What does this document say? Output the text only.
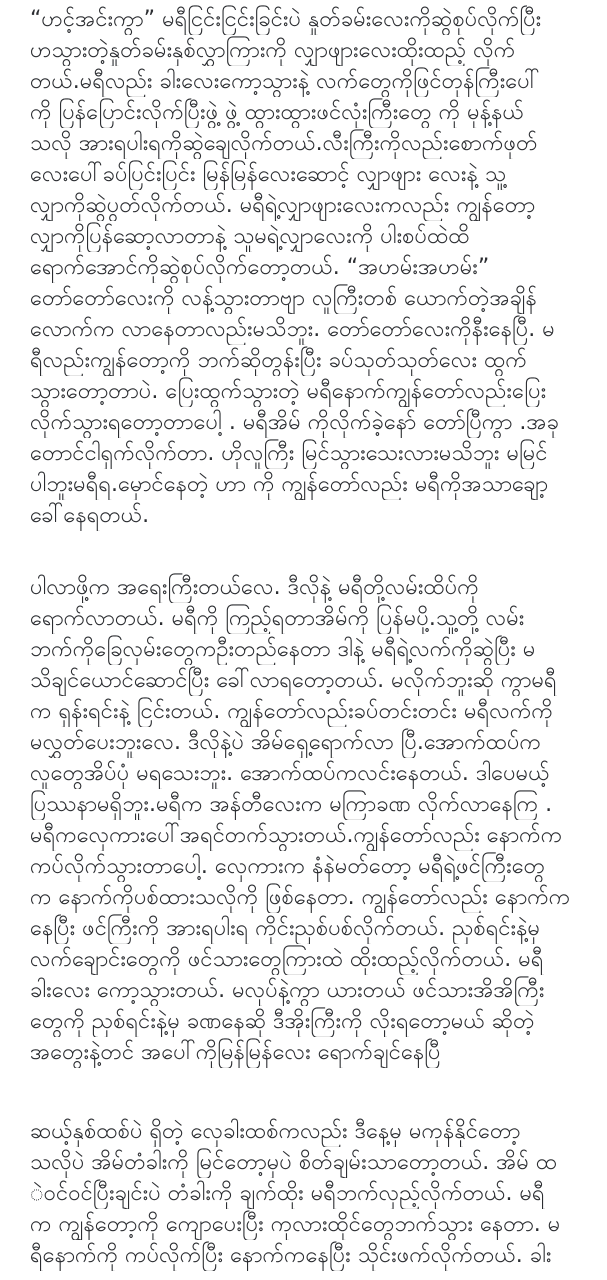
“ဟင့်အင်းကွာ” မရီငြင်းငြင်းခြင်းပဲ နှုတ်ခမ်းလေးကိုဆွဲစုပ်လိုက်ပြီး
ဟသွားတဲ့နှုတ်ခမ်းနှစ်လွှာကြားကို လျှာဖျားလေးထိုးထည့် လိုက်
တယ်.မရီလည်း ခါးလေးကော့သွားနဲ့ လက်တွေကိုဖြင်တုန်ကြီးပေါ်
ကို ပြန်ပြောင်းလိုက်ပြီးဖွဲ့ ဖွဲ့ ထွားထွားဖင်လုံးကြီးတွေ ကို မုန့်နယ်
သလို အားရပါးရကိုဆွဲချေလိုက်တယ်.လီးကြီးကိုလည်းစောက်ဖုတ်
လေးပေါ်ခပ်ပြင်းပြင်း မြန်မြန်လေးဆောင့် လျှာဖျား လေးနဲ့ သူ့
လျှာကိုဆွဲပွတ်လိုက်တယ်. မရီရဲ့လျှာဖျားလေးကလည်း ကျွန်တော့
လျှာကိုပြန်ဆော့လာတာနဲ့ သူမရဲ့လျှာလေးကို ပါးစပ်ထဲထိ
ရောက်အောင်ကိုဆွဲစုပ်လိုက်တော့တယ်. “အဟမ်းအဟမ်း”
တော်တော်လေးကို လန့်သွားတာဗျာ လူကြီးတစ် ယောက်တဲ့အချိန်
လောက်က လာနေတာလည်းမသိဘူး. တော်တော်လေးကိုနီးနေပြီ. မ
ရီလည်းကျွန်တော့ကို ဘက်ဆိုတွန်းပြီး ခပ်သုတ်သုတ်လေး ထွက်
သွားတော့တာပဲ. ပြေးထွက်သွားတဲ့ မရီနောက်ကျွန်တော်လည်းပြေး
လိုက်သွားရတော့တာပေါ့ . မရီအိမ် ကိုလိုက်ခဲ့နော် တော်ပြီကွာ .အခု
တောင်ငါရှက်လိုက်တာ. ဟိုလူကြီး မြင်သွားသေးလားမသိဘူး မမြင်
ပါဘူးမရီရ.မှောင်နေတဲ့ ဟာ ကို ကျွန်တော်လည်း မရီကိုအသာချော့
ခေါ်နေရတယ်.
ပါလာဖို့က အရေးကြီးတယ်လေ. ဒီလိုနဲ့ မရီတို့လမ်းထိပ်ကို
ရောက်လာတယ်. မရီကို ကြည့်ရတာအိမ်ကို ပြန်မပို့.သူ့တို့ လမ်း
ဘက်ကိုခြေလှမ်းတွေကဦးတည်နေတာ ဒါနဲ့ မရီရဲ့လက်ကိုဆွဲပြီး မ
သိချင်ယောင်ဆောင်ပြီး ခေါ်လာရတော့တယ်. မလိုက်ဘူးဆို ကွာမရီ
က ရှန်းရင်းနဲ့ ငြင်းတယ်. ကျွန်တော်လည်းခပ်တင်းတင်း မရီလက်ကို
မလွှတ်ပေးဘူးလေ. ဒီလိုနဲ့ပဲ အိမ်ရှေ့ရောက်လာ ပြီ.အောက်ထပ်က
လူတွေအိပ်ပုံ မရသေးဘူး. အောက်ထပ်ကလင်းနေတယ်. ဒါပေမယ့်
ပြဿနာမရှိဘူး.မရီက အန်တီလေးက မကြာခဏ လိုက်လာနေကြ .
မရီကလှေကားပေါ်အရင်တက်သွားတယ်.ကျွန်တော်လည်း နောက်က
ကပ်လိုက်သွားတာပေါ့. လှေကားက နံနဲမတ်တော့ မရီရဲ့ဖင်ကြီးတွေ
က နောက်ကိုပစ်ထားသလိုကို ဖြစ်နေတာ. ကျွန်တော်လည်း နောက်က
နေပြီး ဖင်ကြီးကို အားရပါးရ ကိုင်းညှစ်ပစ်လိုက်တယ်. ညှစ်ရင်းနဲ့မှ
လက်ချောင်းတွေကို ဖင်သားတွေကြားထဲ ထိုးထည့်လိုက်တယ်. မရီ
ခါးလေး ကော့သွားတယ်. မလုပ်နဲ့ကွာ ယားတယ် ဖင်သားအိအိကြီး
တွေကို ညှစ်ရင်းနဲ့မှ ခဏနေဆို ဒီအိုးကြီးကို လိုးရတော့မယ် ဆိုတဲ့
အတွေးနဲ့တင် အပေါ်ကိုမြန်မြန်လေး ရောက်ချင်နေပြီ
ဆယ့်နှစ်ထစ်ပဲ ရှိတဲ့ လှေခါးထစ်ကလည်း ဒီနေ့မှ မကုန်နိုင်တော့
သလိုပဲ အိမ်တံခါးကို မြင်တော့မှပဲ စိတ်ချမ်းသာတော့တယ်. အိမ် ထ
ဲဝင်ဝင်ပြီးချင်းပဲ တံခါးကို ချက်ထိုး မရီဘက်လှည့်လိုက်တယ်. မရီ
က ကျွန်တော့ကို ကျောပေးပြီး ကုလားထိုင်တွေဘက်သွား နေတာ. မ
ရီနောက်ကို ကပ်လိုက်ပြီး နောက်ကနေပြီး သိုင်းဖက်လိုက်တယ်. ခါး
